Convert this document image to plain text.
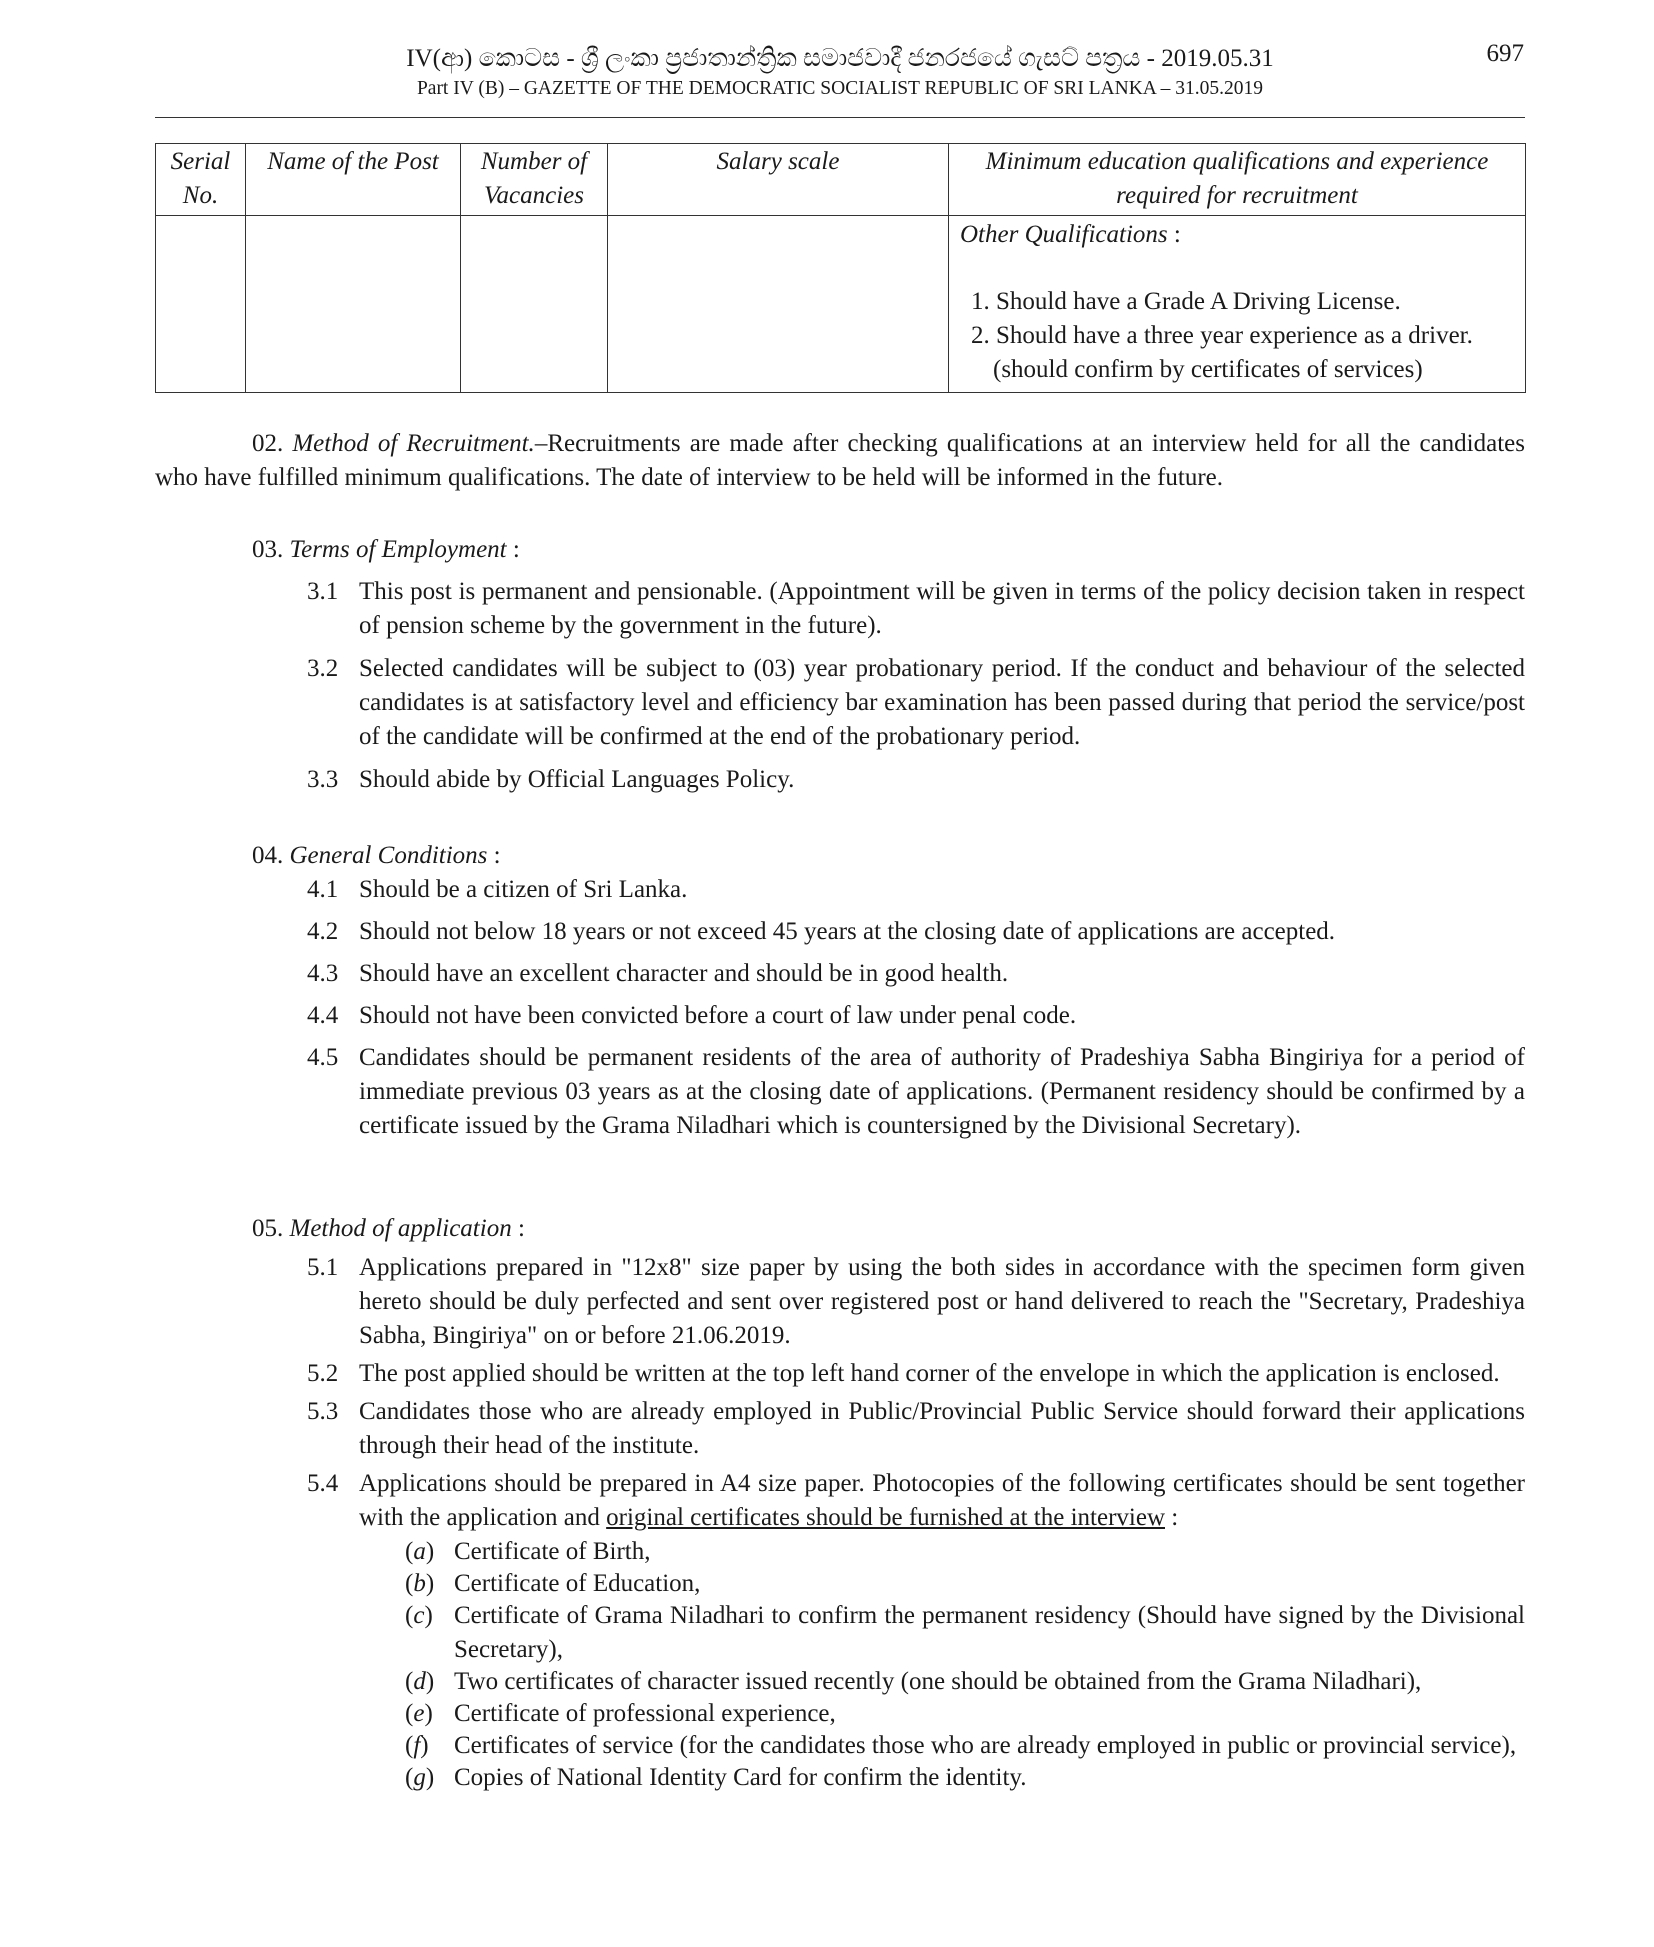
IV(ආ) කොටස - ශ්‍රී ලංකා ප්‍රජාතාන්ත්‍රික සමාජවාදී ජනරජයේ ගැසට් පත්‍රය - 2019.05.31
Part IV (B) – GAZETTE OF THE DEMOCRATIC SOCIALIST REPUBLIC OF SRI LANKA – 31.05.2019
697
Serial No.	Name of the Post	Number of Vacancies	Salary scale	Minimum education qualifications and experience required for recruitment

				Other Qualifications :
1. Should have a Grade A Driving License.
2. Should have a three year experience as a driver. (should confirm by certificates of services)

02. Method of Recruitment.–Recruitments are made after checking qualifications at an interview held for all the candidates who have fulfilled minimum qualifications. The date of interview to be held will be informed in the future.

03. Terms of Employment :

3.1 This post is permanent and pensionable. (Appointment will be given in terms of the policy decision taken in respect of pension scheme by the government in the future).
3.2 Selected candidates will be subject to (03) year probationary period. If the conduct and behaviour of the selected candidates is at satisfactory level and efficiency bar examination has been passed during that period the service/post of the candidate will be confirmed at the end of the probationary period.
3.3 Should abide by Official Languages Policy.

04. General Conditions :

4.1 Should be a citizen of Sri Lanka.
4.2 Should not below 18 years or not exceed 45 years at the closing date of applications are accepted.
4.3 Should have an excellent character and should be in good health.
4.4 Should not have been convicted before a court of law under penal code.
4.5 Candidates should be permanent residents of the area of authority of Pradeshiya Sabha Bingiriya for a period of immediate previous 03 years as at the closing date of applications. (Permanent residency should be confirmed by a certificate issued by the Grama Niladhari which is countersigned by the Divisional Secretary).

05. Method of application :

5.1 Applications prepared in "12x8" size paper by using the both sides in accordance with the specimen form given hereto should be duly perfected and sent over registered post or hand delivered to reach the "Secretary, Pradeshiya Sabha, Bingiriya" on or before 21.06.2019.
5.2 The post applied should be written at the top left hand corner of the envelope in which the application is enclosed.
5.3 Candidates those who are already employed in Public/Provincial Public Service should forward their applications through their head of the institute.
5.4 Applications should be prepared in A4 size paper. Photocopies of the following certificates should be sent together with the application and original certificates should be furnished at the interview :
(a) Certificate of Birth,
(b) Certificate of Education,
(c) Certificate of Grama Niladhari to confirm the permanent residency (Should have signed by the Divisional Secretary),
(d) Two certificates of character issued recently (one should be obtained from the Grama Niladhari),
(e) Certificate of professional experience,
(f)	Certificates of service (for the candidates those who are already employed in public or provincial service),
(g) Copies of National Identity Card for confirm the identity.
